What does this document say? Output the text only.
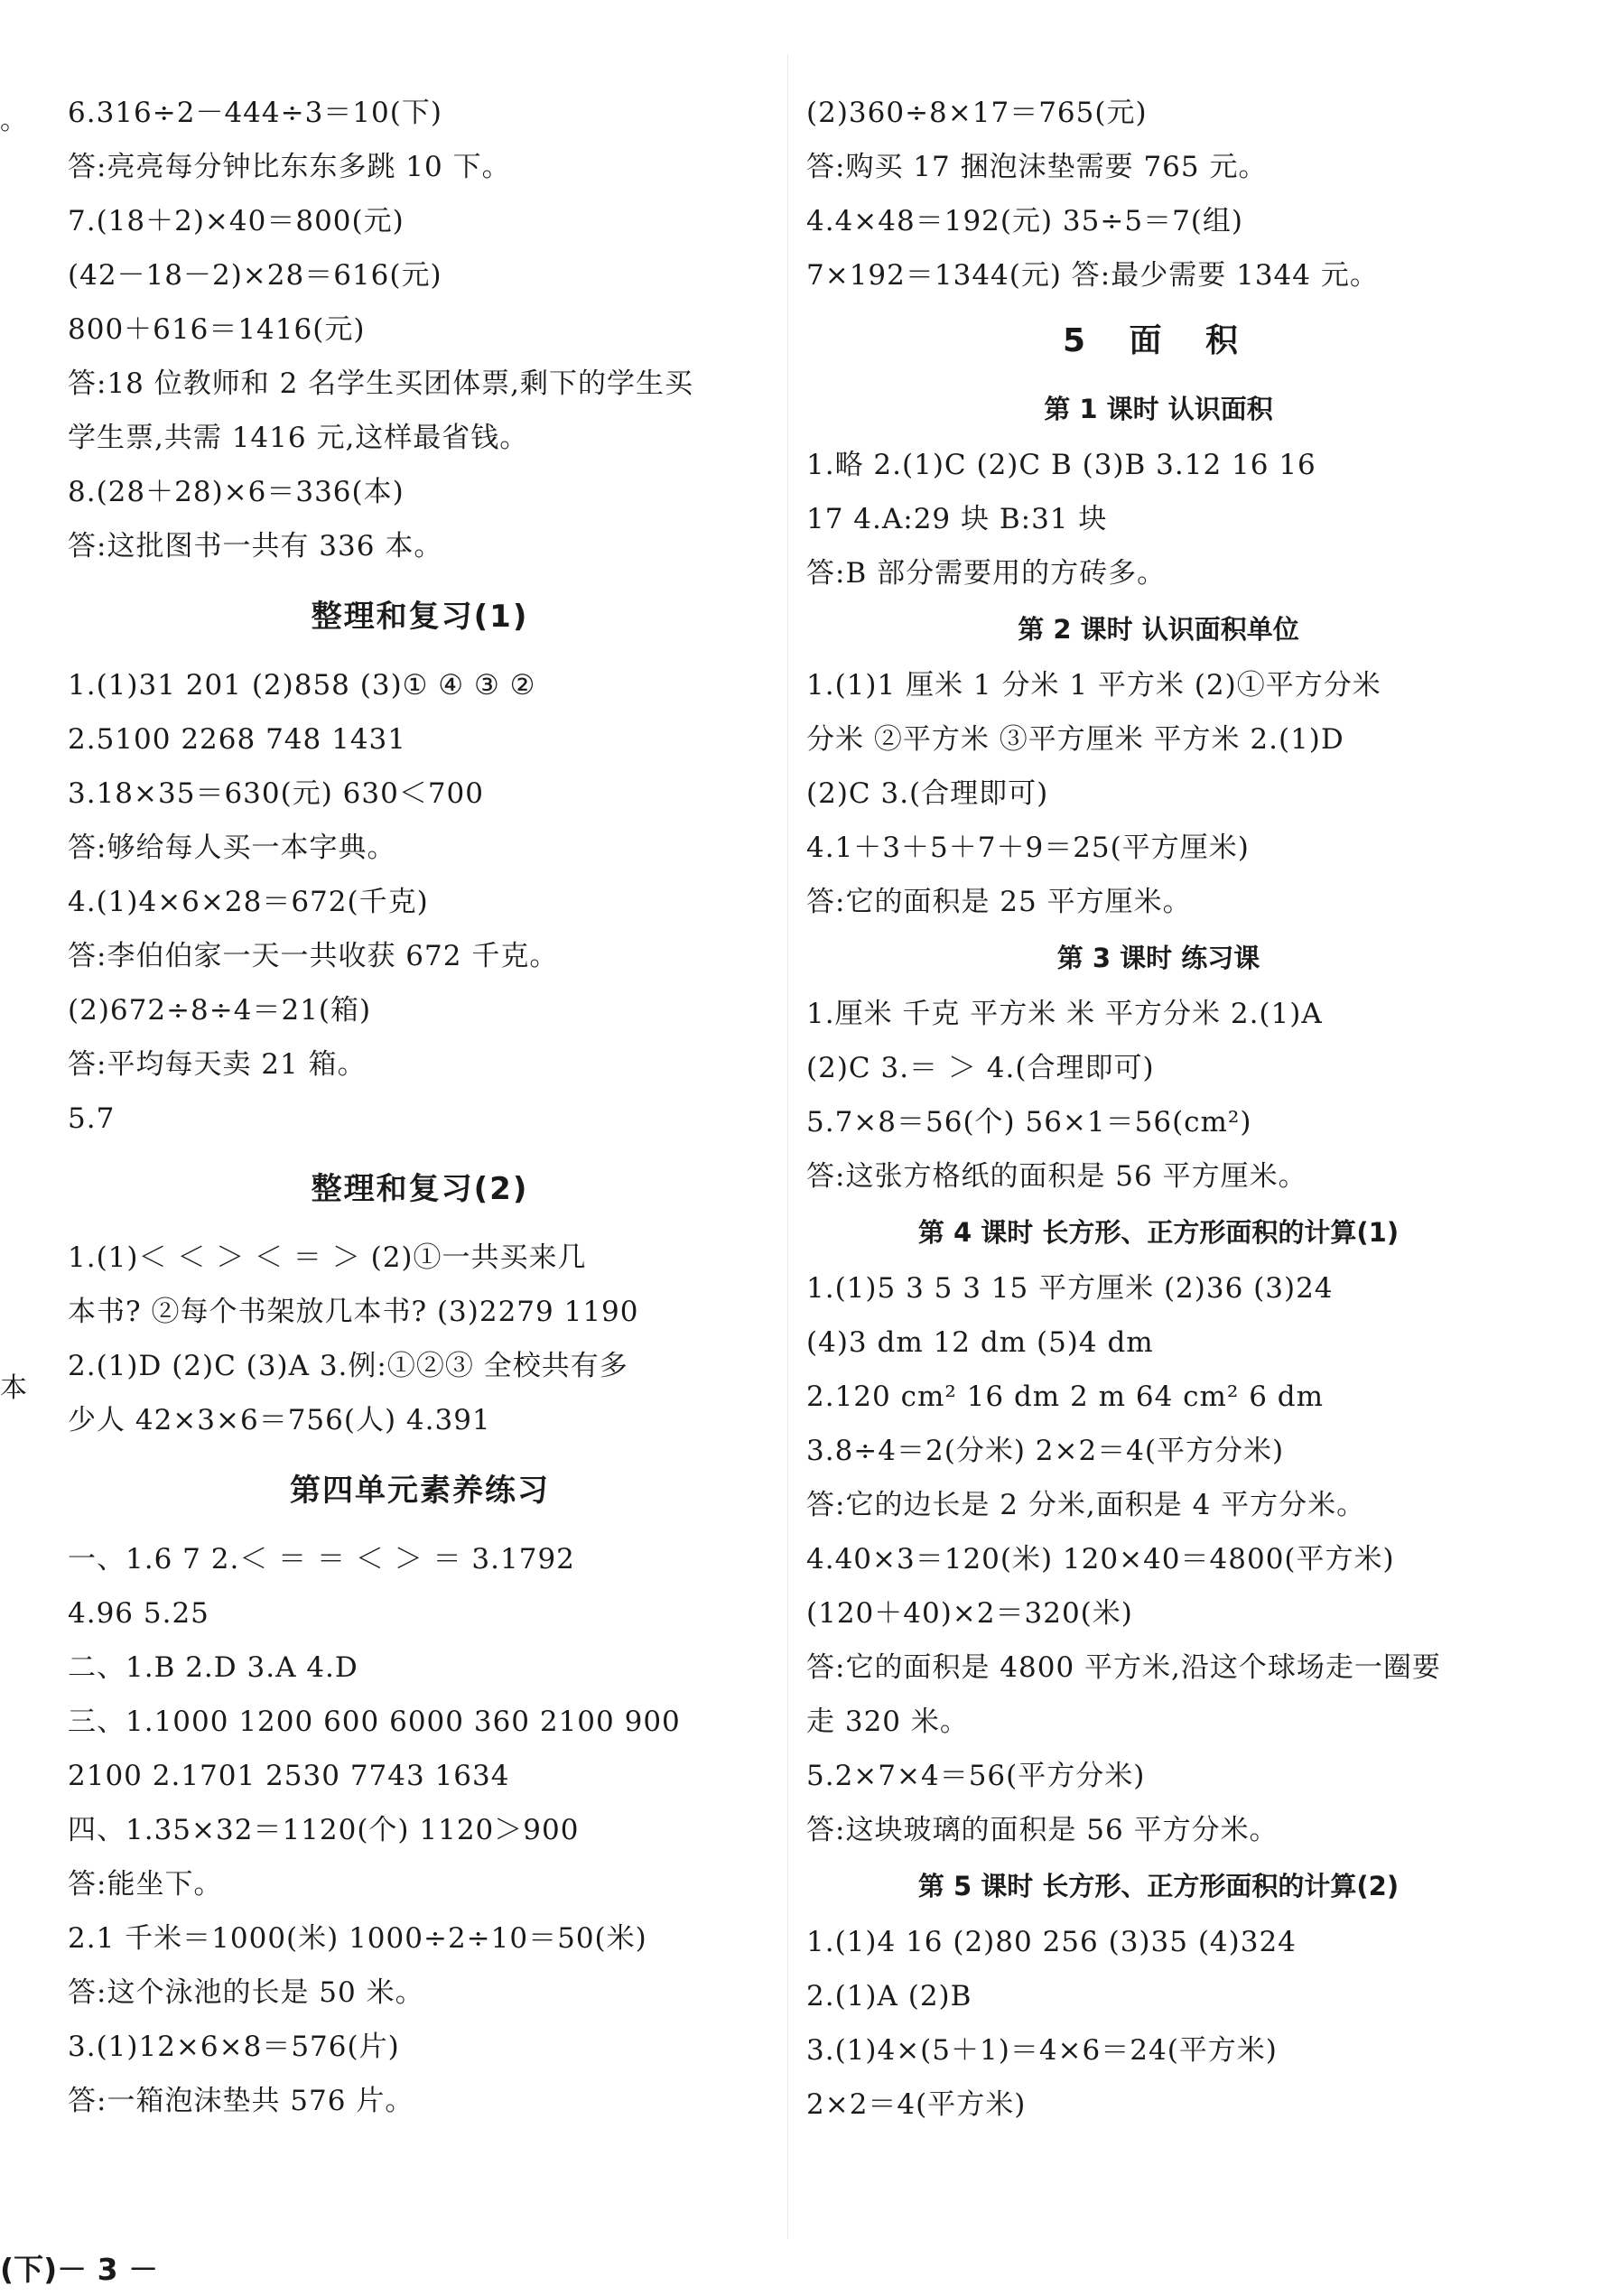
。
本
6.316÷2－444÷3＝10(下)
答:亮亮每分钟比东东多跳 10 下。
7.(18＋2)×40＝800(元)
(42－18－2)×28＝616(元)
800＋616＝1416(元)
答:18 位教师和 2 名学生买团体票,剩下的学生买
学生票,共需 1416 元,这样最省钱。
8.(28＋28)×6＝336(本)
答:这批图书一共有 336 本。
整理和复习(1)
1.(1)31 201 (2)858 (3)① ④ ③ ②
2.5100 2268 748 1431
3.18×35＝630(元) 630＜700
答:够给每人买一本字典。
4.(1)4×6×28＝672(千克)
答:李伯伯家一天一共收获 672 千克。
(2)672÷8÷4＝21(箱)
答:平均每天卖 21 箱。
5.7
整理和复习(2)
1.(1)＜ ＜ ＞ ＜ ＝ ＞ (2)①一共买来几
本书? ②每个书架放几本书? (3)2279 1190
2.(1)D (2)C (3)A 3.例:①②③ 全校共有多
少人 42×3×6＝756(人) 4.391
第四单元素养练习
一、1.6 7 2.＜ ＝ ＝ ＜ ＞ ＝ 3.1792
4.96 5.25
二、1.B 2.D 3.A 4.D
三、1.1000 1200 600 6000 360 2100 900
2100 2.1701 2530 7743 1634
四、1.35×32＝1120(个) 1120＞900
答:能坐下。
2.1 千米＝1000(米) 1000÷2÷10＝50(米)
答:这个泳池的长是 50 米。
3.(1)12×6×8＝576(片)
答:一箱泡沫垫共 576 片。
(2)360÷8×17＝765(元)
答:购买 17 捆泡沫垫需要 765 元。
4.4×48＝192(元) 35÷5＝7(组)
7×192＝1344(元) 答:最少需要 1344 元。
5 面 积
第 1 课时 认识面积
1.略 2.(1)C (2)C B (3)B 3.12 16 16
17 4.A:29 块 B:31 块
答:B 部分需要用的方砖多。
第 2 课时 认识面积单位
1.(1)1 厘米 1 分米 1 平方米 (2)①平方分米
分米 ②平方米 ③平方厘米 平方米 2.(1)D
(2)C 3.(合理即可)
4.1＋3＋5＋7＋9＝25(平方厘米)
答:它的面积是 25 平方厘米。
第 3 课时 练习课
1.厘米 千克 平方米 米 平方分米 2.(1)A
(2)C 3.＝ ＞ 4.(合理即可)
5.7×8＝56(个) 56×1＝56(cm²)
答:这张方格纸的面积是 56 平方厘米。
第 4 课时 长方形、正方形面积的计算(1)
1.(1)5 3 5 3 15 平方厘米 (2)36 (3)24
(4)3 dm 12 dm (5)4 dm
2.120 cm² 16 dm 2 m 64 cm² 6 dm
3.8÷4＝2(分米) 2×2＝4(平方分米)
答:它的边长是 2 分米,面积是 4 平方分米。
4.40×3＝120(米) 120×40＝4800(平方米)
(120＋40)×2＝320(米)
答:它的面积是 4800 平方米,沿这个球场走一圈要
走 320 米。
5.2×7×4＝56(平方分米)
答:这块玻璃的面积是 56 平方分米。
第 5 课时 长方形、正方形面积的计算(2)
1.(1)4 16 (2)80 256 (3)35 (4)324
2.(1)A (2)B
3.(1)4×(5＋1)＝4×6＝24(平方米)
2×2＝4(平方米)
(下)－ 3 －
